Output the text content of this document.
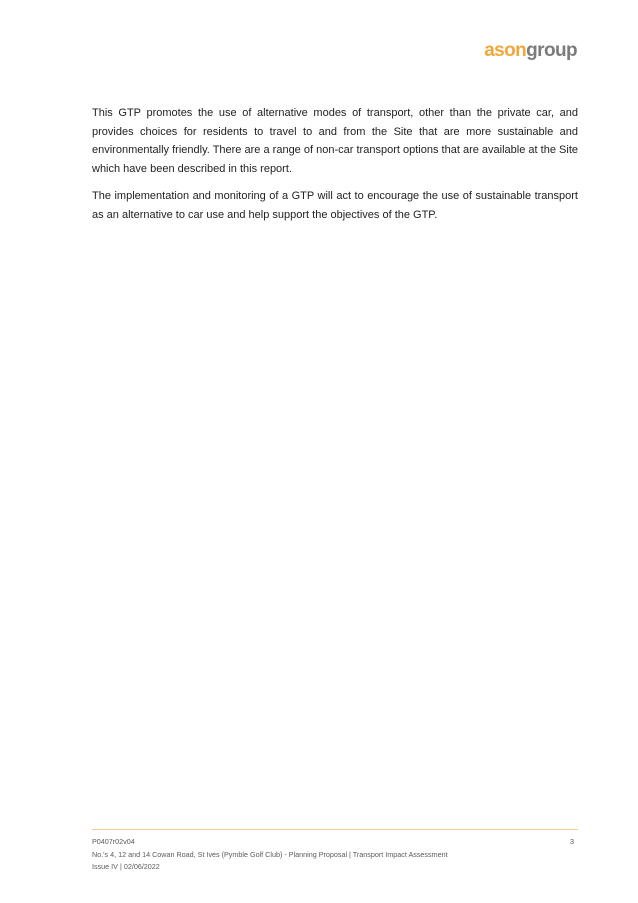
asongroup

This GTP promotes the use of alternative modes of transport, other than the private car, and provides choices for residents to travel to and from the Site that are more sustainable and environmentally friendly. There are a range of non-car transport options that are available at the Site which have been described in this report.

The implementation and monitoring of a GTP will act to encourage the use of sustainable transport as an alternative to car use and help support the objectives of the GTP.

P0407r02v04
No.'s 4, 12 and 14 Cowan Road, St Ives (Pymble Golf Club) - Planning Proposal | Transport Impact Assessment
Issue IV | 02/06/2022
3
